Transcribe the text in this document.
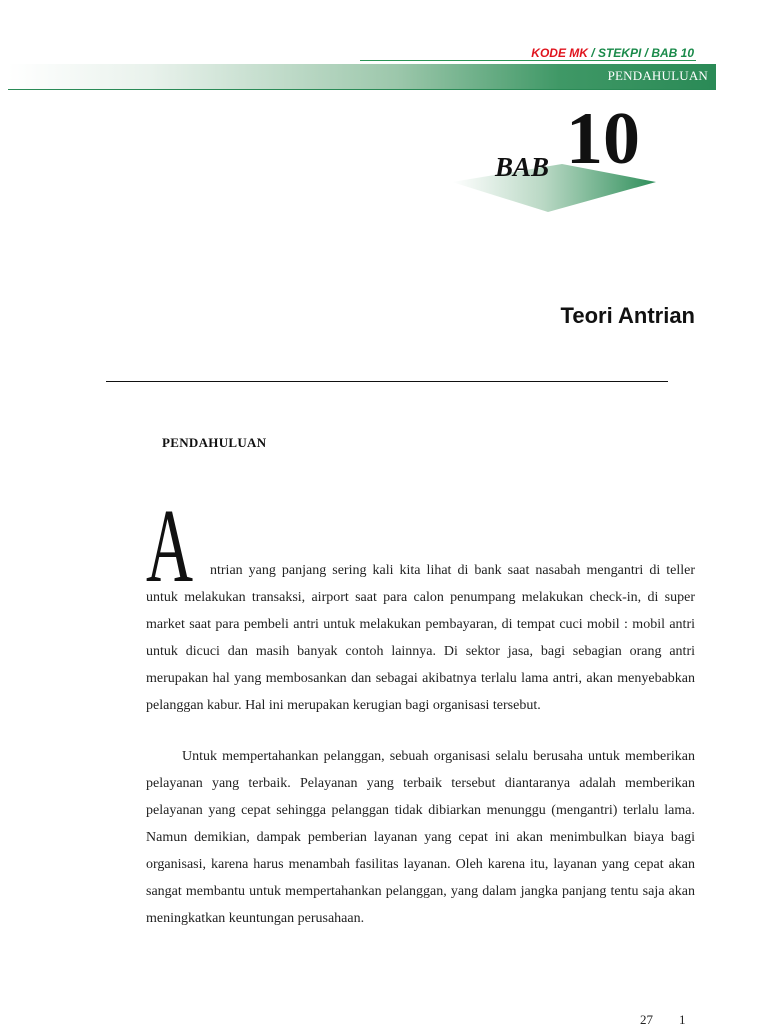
KODE MK / STEKPI / BAB 10
PENDAHULUAN
BAB 10
Teori Antrian
PENDAHULUAN
A	ntrian yang panjang sering kali kita lihat di bank saat nasabah mengantri di teller untuk melakukan transaksi, airport saat para calon penumpang melakukan check-in, di super market saat para pembeli antri untuk melakukan pembayaran, di tempat cuci mobil : mobil antri untuk dicuci dan masih banyak contoh lainnya. Di sektor jasa, bagi sebagian orang antri merupakan hal yang membosankan dan sebagai akibatnya terlalu lama antri, akan menyebabkan pelanggan kabur. Hal ini merupakan kerugian bagi organisasi tersebut.

Untuk mempertahankan pelanggan, sebuah organisasi selalu berusaha untuk memberikan pelayanan yang terbaik. Pelayanan yang terbaik tersebut diantaranya adalah memberikan pelayanan yang cepat sehingga pelanggan tidak dibiarkan menunggu (mengantri) terlalu lama. Namun demikian, dampak pemberian layanan yang cepat ini akan menimbulkan biaya bagi organisasi, karena harus menambah fasilitas layanan. Oleh karena itu, layanan yang cepat akan sangat membantu untuk mempertahankan pelanggan, yang dalam jangka panjang tentu saja akan meningkatkan keuntungan perusahaan.

27        1
